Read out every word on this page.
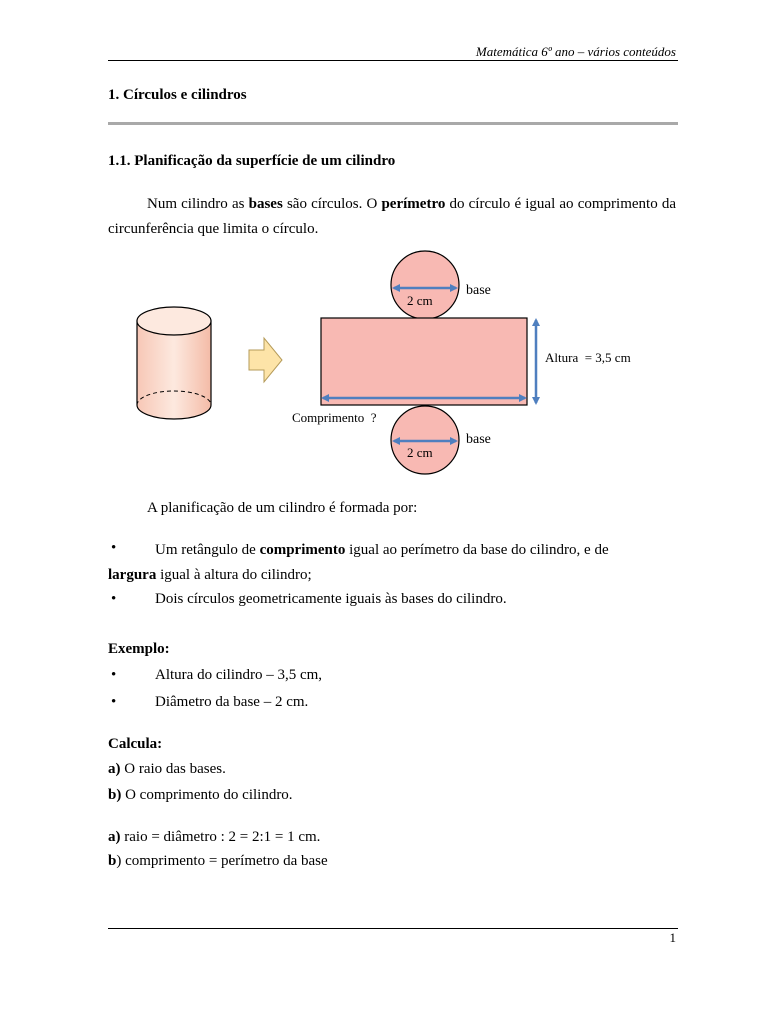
Matemática 6º ano – vários conteúdos
1. Círculos e cilindros
1.1. Planificação da superfície de um cilindro
Num cilindro as bases são círculos. O perímetro do círculo é igual ao comprimento da circunferência que limita o círculo.
2 cm
base
Altura  = 3,5 cm
Comprimento  ?
2 cm
base
A planificação de um cilindro é formada por:
•	Um retângulo de comprimento igual ao perímetro da base do cilindro, e de
largura igual à altura do cilindro;
•	Dois círculos geometricamente iguais às bases do cilindro.
Exemplo:
•	Altura do cilindro – 3,5 cm,
•	Diâmetro da base – 2 cm.
Calcula:
a) O raio das bases.
b) O comprimento do cilindro.
a) raio = diâmetro : 2 = 2:1 = 1 cm.
b) comprimento = perímetro da base
1
